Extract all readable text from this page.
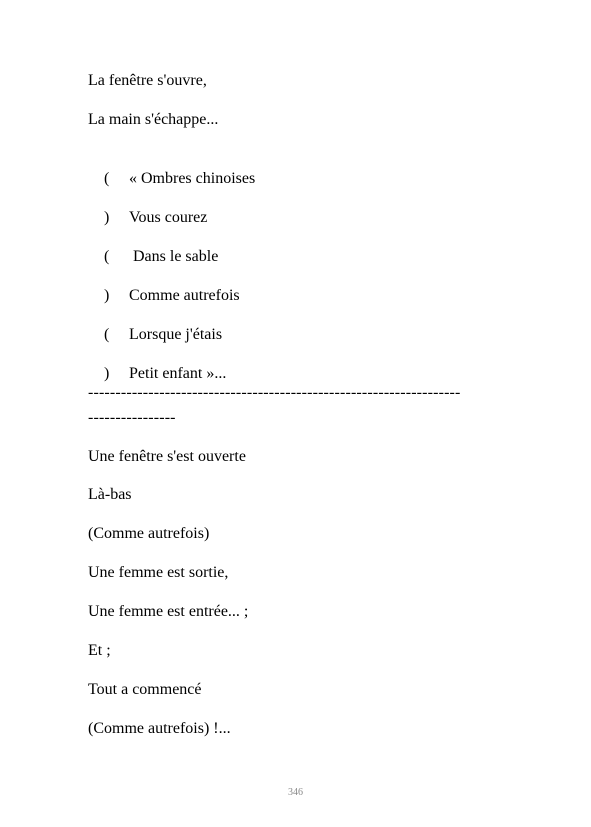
La fenêtre s'ouvre,
La main s'échappe...

( « Ombres chinoises

) Vous courez

( Dans le sable

) Comme autrefois

( Lorsque j'étais

) Petit enfant »...

--------------------------------------------------------------------
----------------
Une fenêtre s'est ouverte
Là-bas
(Comme autrefois)
Une femme est sortie,
Une femme est entrée... ;
Et ;
Tout a commencé
(Comme autrefois) !...
346
